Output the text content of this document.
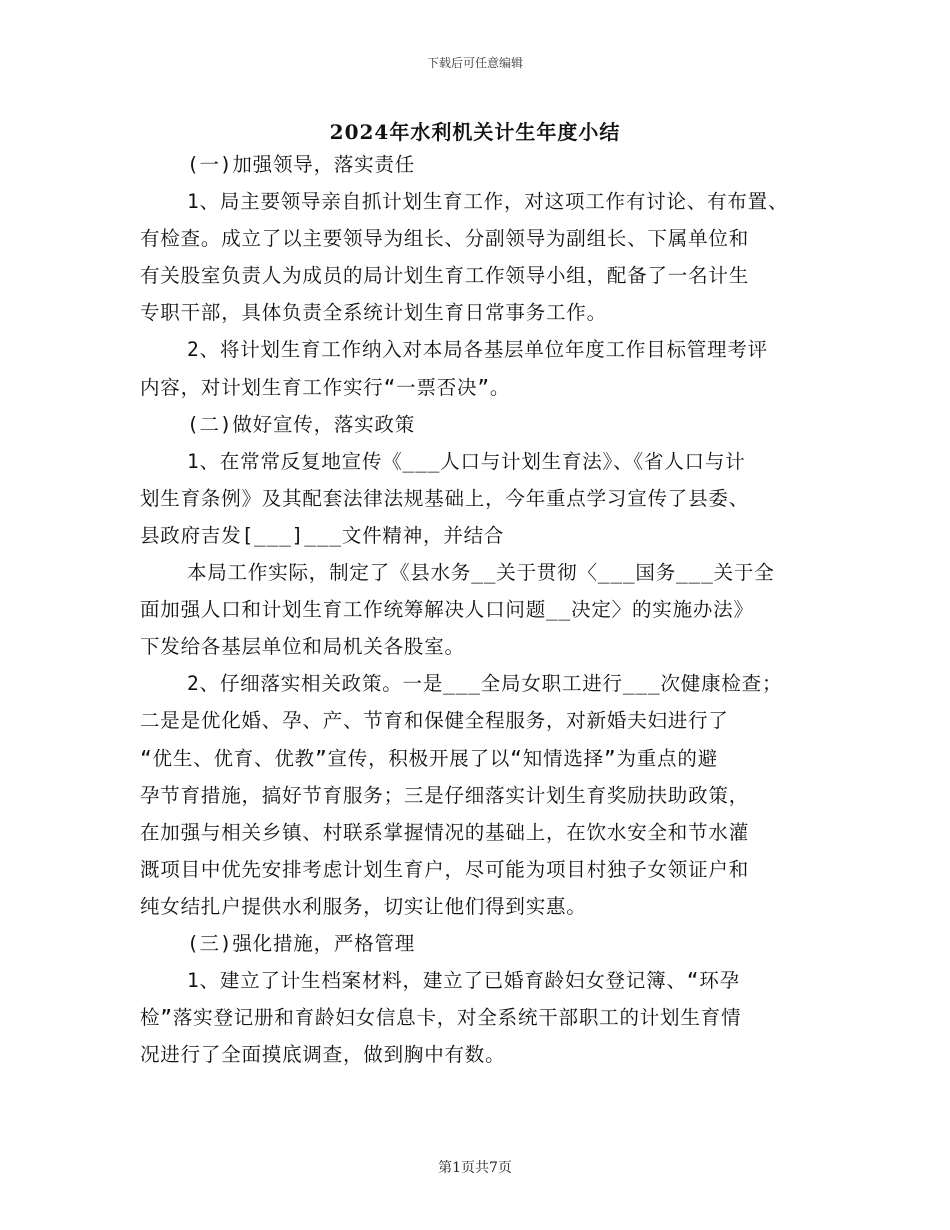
下载后可任意编辑
2024年水利机关计生年度小结
(一)加强领导，落实责任
1、局主要领导亲自抓计划生育工作，对这项工作有讨论、有布置、
有检查。成立了以主要领导为组长、分副领导为副组长、下属单位和
有关股室负责人为成员的局计划生育工作领导小组，配备了一名计生
专职干部，具体负责全系统计划生育日常事务工作。
2、将计划生育工作纳入对本局各基层单位年度工作目标管理考评
内容，对计划生育工作实行“一票否决”。
(二)做好宣传，落实政策
1、在常常反复地宣传《___人口与计划生育法》、《省人口与计
划生育条例》及其配套法律法规基础上，今年重点学习宣传了县委、
县政府吉发[___]___文件精神，并结合
本局工作实际，制定了《县水务__关于贯彻〈___国务___关于全
面加强人口和计划生育工作统筹解决人口问题__决定〉的实施办法》
下发给各基层单位和局机关各股室。
2、仔细落实相关政策。一是___全局女职工进行___次健康检查；
二是是优化婚、孕、产、节育和保健全程服务，对新婚夫妇进行了
“优生、优育、优教”宣传，积极开展了以“知情选择”为重点的避
孕节育措施，搞好节育服务；三是仔细落实计划生育奖励扶助政策，
在加强与相关乡镇、村联系掌握情况的基础上，在饮水安全和节水灌
溉项目中优先安排考虑计划生育户，尽可能为项目村独子女领证户和
纯女结扎户提供水利服务，切实让他们得到实惠。
(三)强化措施，严格管理
1、建立了计生档案材料，建立了已婚育龄妇女登记簿、“环孕
检”落实登记册和育龄妇女信息卡，对全系统干部职工的计划生育情
况进行了全面摸底调查，做到胸中有数。
第1页共7页
